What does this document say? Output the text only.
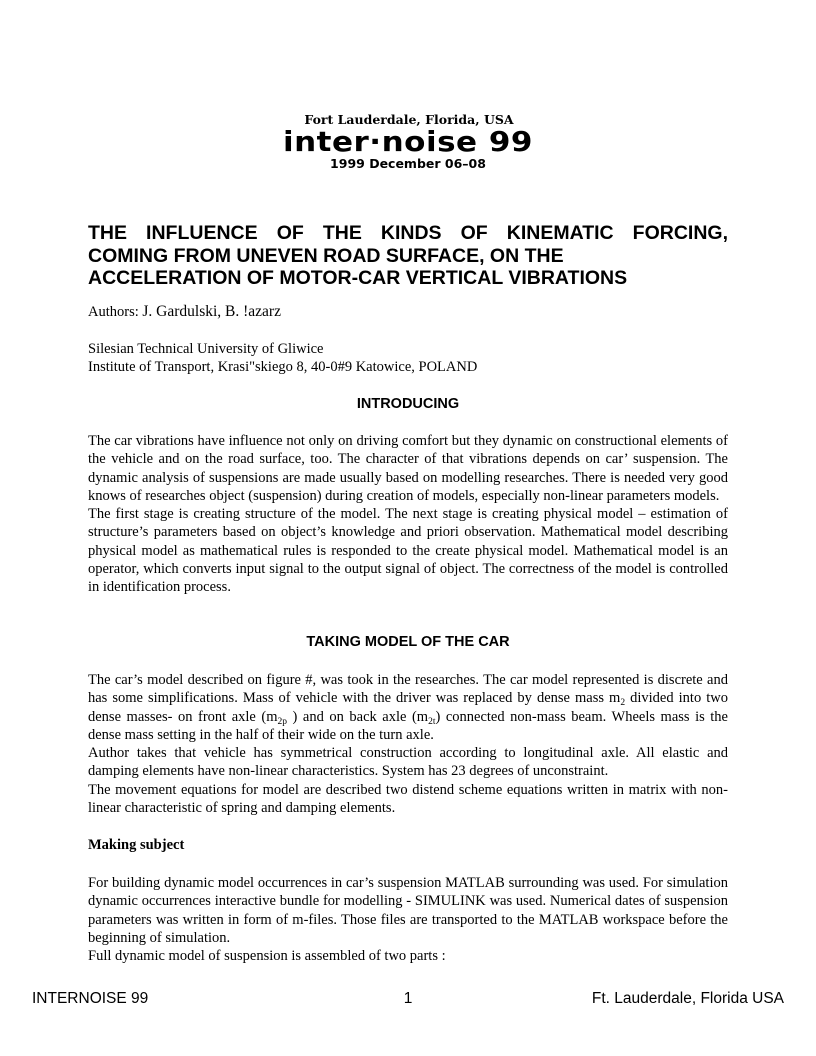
Fort Lauderdale, Florida, USA
inter·noise 99
1999 December 06–08
THE INFLUENCE OF THE KINDS OF KINEMATIC FORCING,
COMING FROM UNEVEN ROAD SURFACE, ON THE
ACCELERATION OF MOTOR-CAR VERTICAL VIBRATIONS
Authors: J. Gardulski, B. !azarz
Silesian Technical University of Gliwice
Institute of Transport, Krasi"skiego 8, 40-0#9 Katowice, POLAND
INTRODUCING

The car vibrations have influence not only on driving comfort but they dynamic on constructional elements of the vehicle and on the road surface, too. The character of that vibrations depends on car’ suspension. The dynamic analysis of suspensions are made usually based on modelling researches. There is needed very good knows of researches object (suspension) during creation of models, especially non-linear parameters models.

The first stage is creating structure of the model. The next stage is creating physical model – estimation of structure’s parameters based on object’s knowledge and priori observation. Mathematical model describing physical model as mathematical rules is responded to the create physical model. Mathematical model is an operator, which converts input signal to the output signal of object. The correctness of the model is controlled in identification process.

TAKING MODEL OF THE CAR

The car’s model described on figure #, was took in the researches. The car model represented is discrete and has some simplifications. Mass of vehicle with the driver was replaced by dense mass $m_2$ divided into two dense masses- on front axle ($m_{2p}$ ) and on back axle $(m_{2t})$ connected non-mass beam. Wheels mass is the dense mass setting in the half of their wide on the turn axle.

Author takes that vehicle has symmetrical construction according to longitudinal axle. All elastic and damping elements have non-linear characteristics. System has 23 degrees of unconstraint.

The movement equations for model are described two distend scheme equations written in matrix with non-linear characteristic of spring and damping elements.

Making subject

For building dynamic model occurrences in car’s suspension MATLAB surrounding was used. For simulation dynamic occurrences interactive bundle for modelling - SIMULINK was used. Numerical dates of suspension parameters was written in form of m-files. Those files are transported to the MATLAB workspace before the beginning of simulation.

Full dynamic model of suspension is assembled of two parts :

INTERNOISE 99	1	Ft. Lauderdale, Florida USA
